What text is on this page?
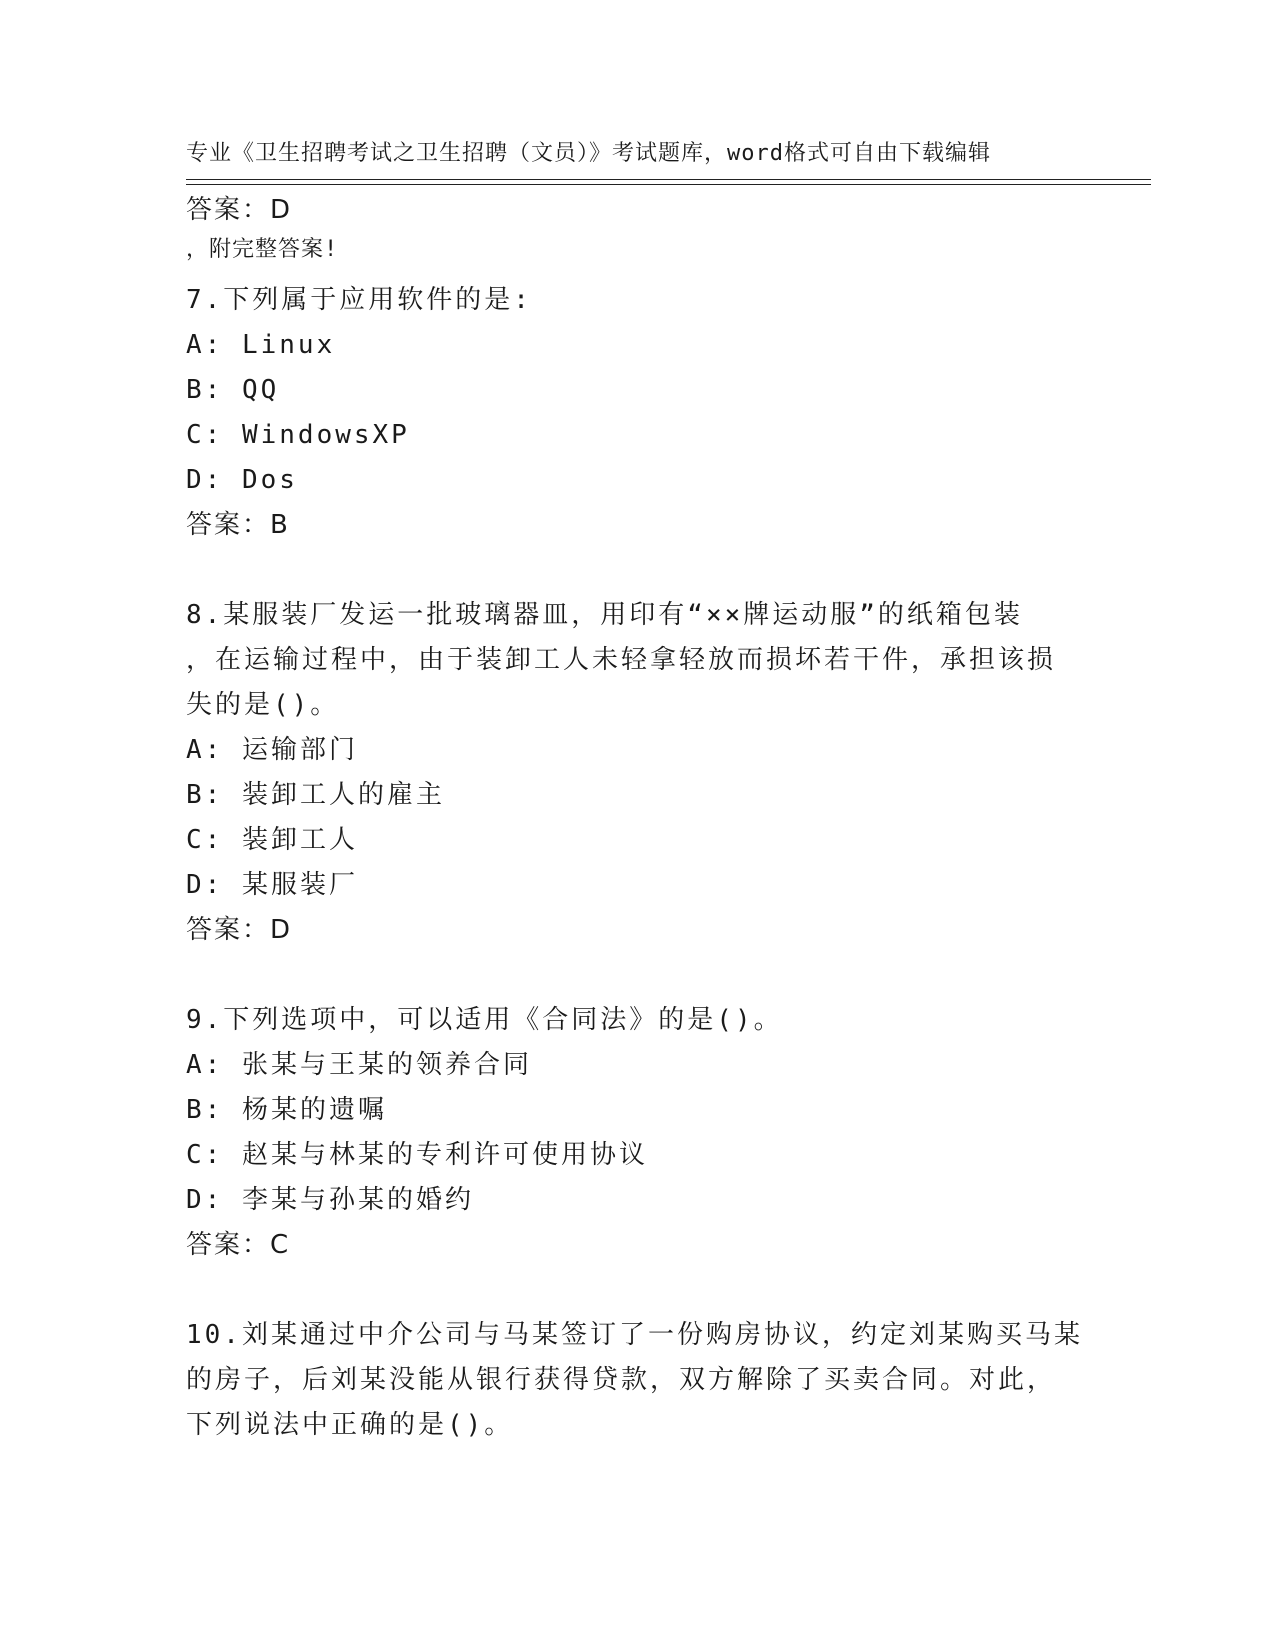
专业《卫生招聘考试之卫生招聘（文员）》考试题库，word格式可自由下载编辑

，附完整答案!

答案：D
7.下列属于应用软件的是:
A: Linux
B: QQ
C: WindowsXP
D: Dos
答案：B
8.某服装厂发运一批玻璃器皿，用印有“××牌运动服”的纸箱包装
，在运输过程中，由于装卸工人未轻拿轻放而损坏若干件，承担该损
失的是()。
A: 运输部门
B: 装卸工人的雇主
C: 装卸工人
D: 某服装厂
答案：D
9.下列选项中，可以适用《合同法》的是()。
A: 张某与王某的领养合同
B: 杨某的遗嘱
C: 赵某与林某的专利许可使用协议
D: 李某与孙某的婚约
答案：C
10.刘某通过中介公司与马某签订了一份购房协议，约定刘某购买马某
的房子，后刘某没能从银行获得贷款，双方解除了买卖合同。对此，
下列说法中正确的是()。
